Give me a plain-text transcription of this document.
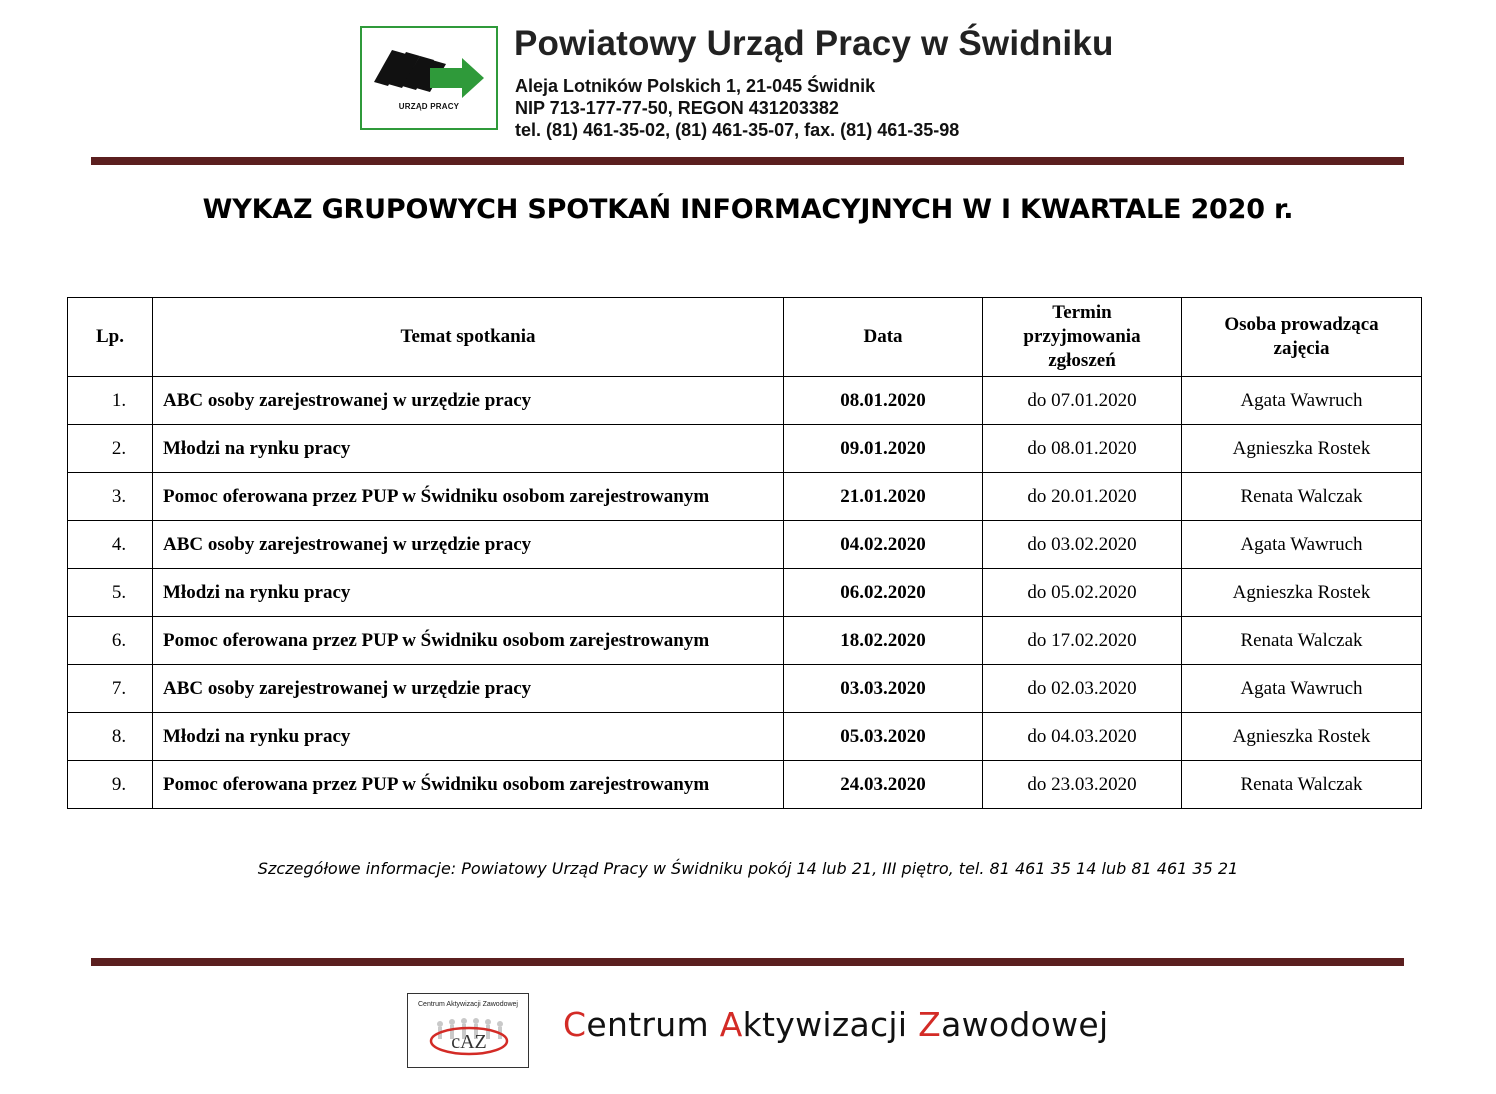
URZĄD PRACY
Powiatowy Urząd Pracy w Świdniku
Aleja Lotników Polskich 1, 21-045 Świdnik
NIP 713-177-77-50, REGON 431203382
tel. (81) 461-35-02, (81) 461-35-07, fax. (81) 461-35-98
WYKAZ GRUPOWYCH SPOTKAŃ INFORMACYJNYCH W I KWARTALE 2020 r.
Lp.	Temat spotkania	Data	Termin przyjmowania zgłoszeń	Osoba prowadząca zajęcia
1.	ABC osoby zarejestrowanej w urzędzie pracy	08.01.2020	do 07.01.2020	Agata Wawruch
2.	Młodzi na rynku pracy	09.01.2020	do 08.01.2020	Agnieszka Rostek
3.	Pomoc oferowana przez PUP w Świdniku osobom zarejestrowanym	21.01.2020	do 20.01.2020	Renata Walczak
4.	ABC osoby zarejestrowanej w urzędzie pracy	04.02.2020	do 03.02.2020	Agata Wawruch
5.	Młodzi na rynku pracy	06.02.2020	do 05.02.2020	Agnieszka Rostek
6.	Pomoc oferowana przez PUP w Świdniku osobom zarejestrowanym	18.02.2020	do 17.02.2020	Renata Walczak
7.	ABC osoby zarejestrowanej w urzędzie pracy	03.03.2020	do 02.03.2020	Agata Wawruch
8.	Młodzi na rynku pracy	05.03.2020	do 04.03.2020	Agnieszka Rostek
9.	Pomoc oferowana przez PUP w Świdniku osobom zarejestrowanym	24.03.2020	do 23.03.2020	Renata Walczak
Szczegółowe informacje: Powiatowy Urząd Pracy w Świdniku pokój 14 lub 21, III piętro, tel. 81 461 35 14 lub 81 461 35 21
Centrum Aktywizacji Zawodowej
cAZ Centrum Aktywizacji Zawodowej
